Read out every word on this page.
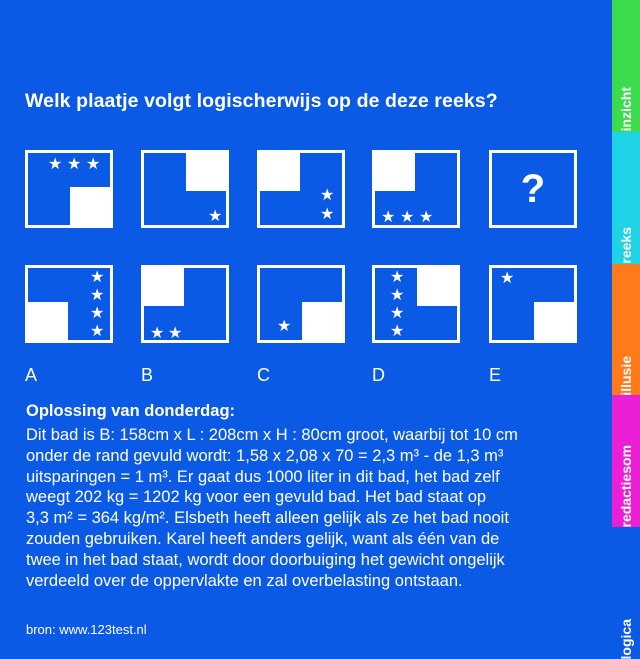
inzicht
reeks
illusie
redactiesom
logica
Welk plaatje volgt logischerwijs op de deze reeks?
★ ★ ★
★
★
★	★ ★ ★
?
★
★
★
★	★ ★	★
★
★
★
★
★
A	B	C	D	E
Oplossing van donderdag:
Dit bad is B: 158cm x L : 208cm x H : 80cm groot, waarbij tot 10 cm
onder de rand gevuld wordt: 1,58 x 2,08 x 70 = 2,3 m³ - de 1,3 m³
uitsparingen = 1 m³. Er gaat dus 1000 liter in dit bad, het bad zelf
weegt 202 kg = 1202 kg voor een gevuld bad. Het bad staat op
3,3 m² = 364 kg/m². Elsbeth heeft alleen gelijk als ze het bad nooit
zouden gebruiken. Karel heeft anders gelijk, want als één van de
twee in het bad staat, wordt door doorbuiging het gewicht ongelijk
verdeeld over de oppervlakte en zal overbelasting ontstaan.
bron: www.123test.nl
